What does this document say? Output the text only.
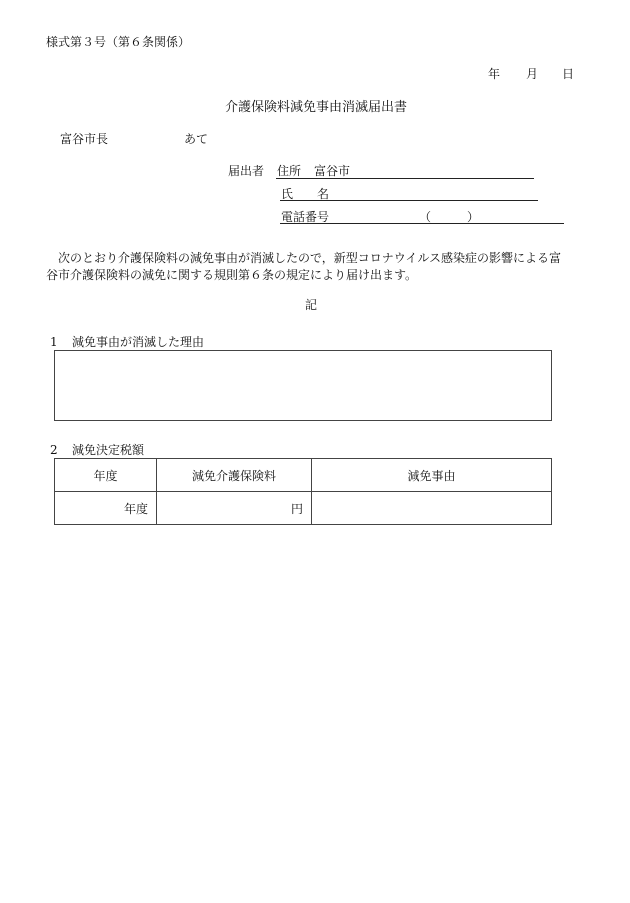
様式第３号（第６条関係）
年 月 日
介護保険料減免事由消滅届出書
富谷市長	あて
届出者 住所 富谷市
氏　　名
電話番号	（　　　）
次のとおり介護保険料の減免事由が消滅したので，新型コロナウイルス感染症の影響による富
谷市介護保険料の減免に関する規則第６条の規定により届け出ます。
記
1 減免事由が消滅した理由
2 減免決定税額
年度	減免介護保険料	減免事由
年度	円	
